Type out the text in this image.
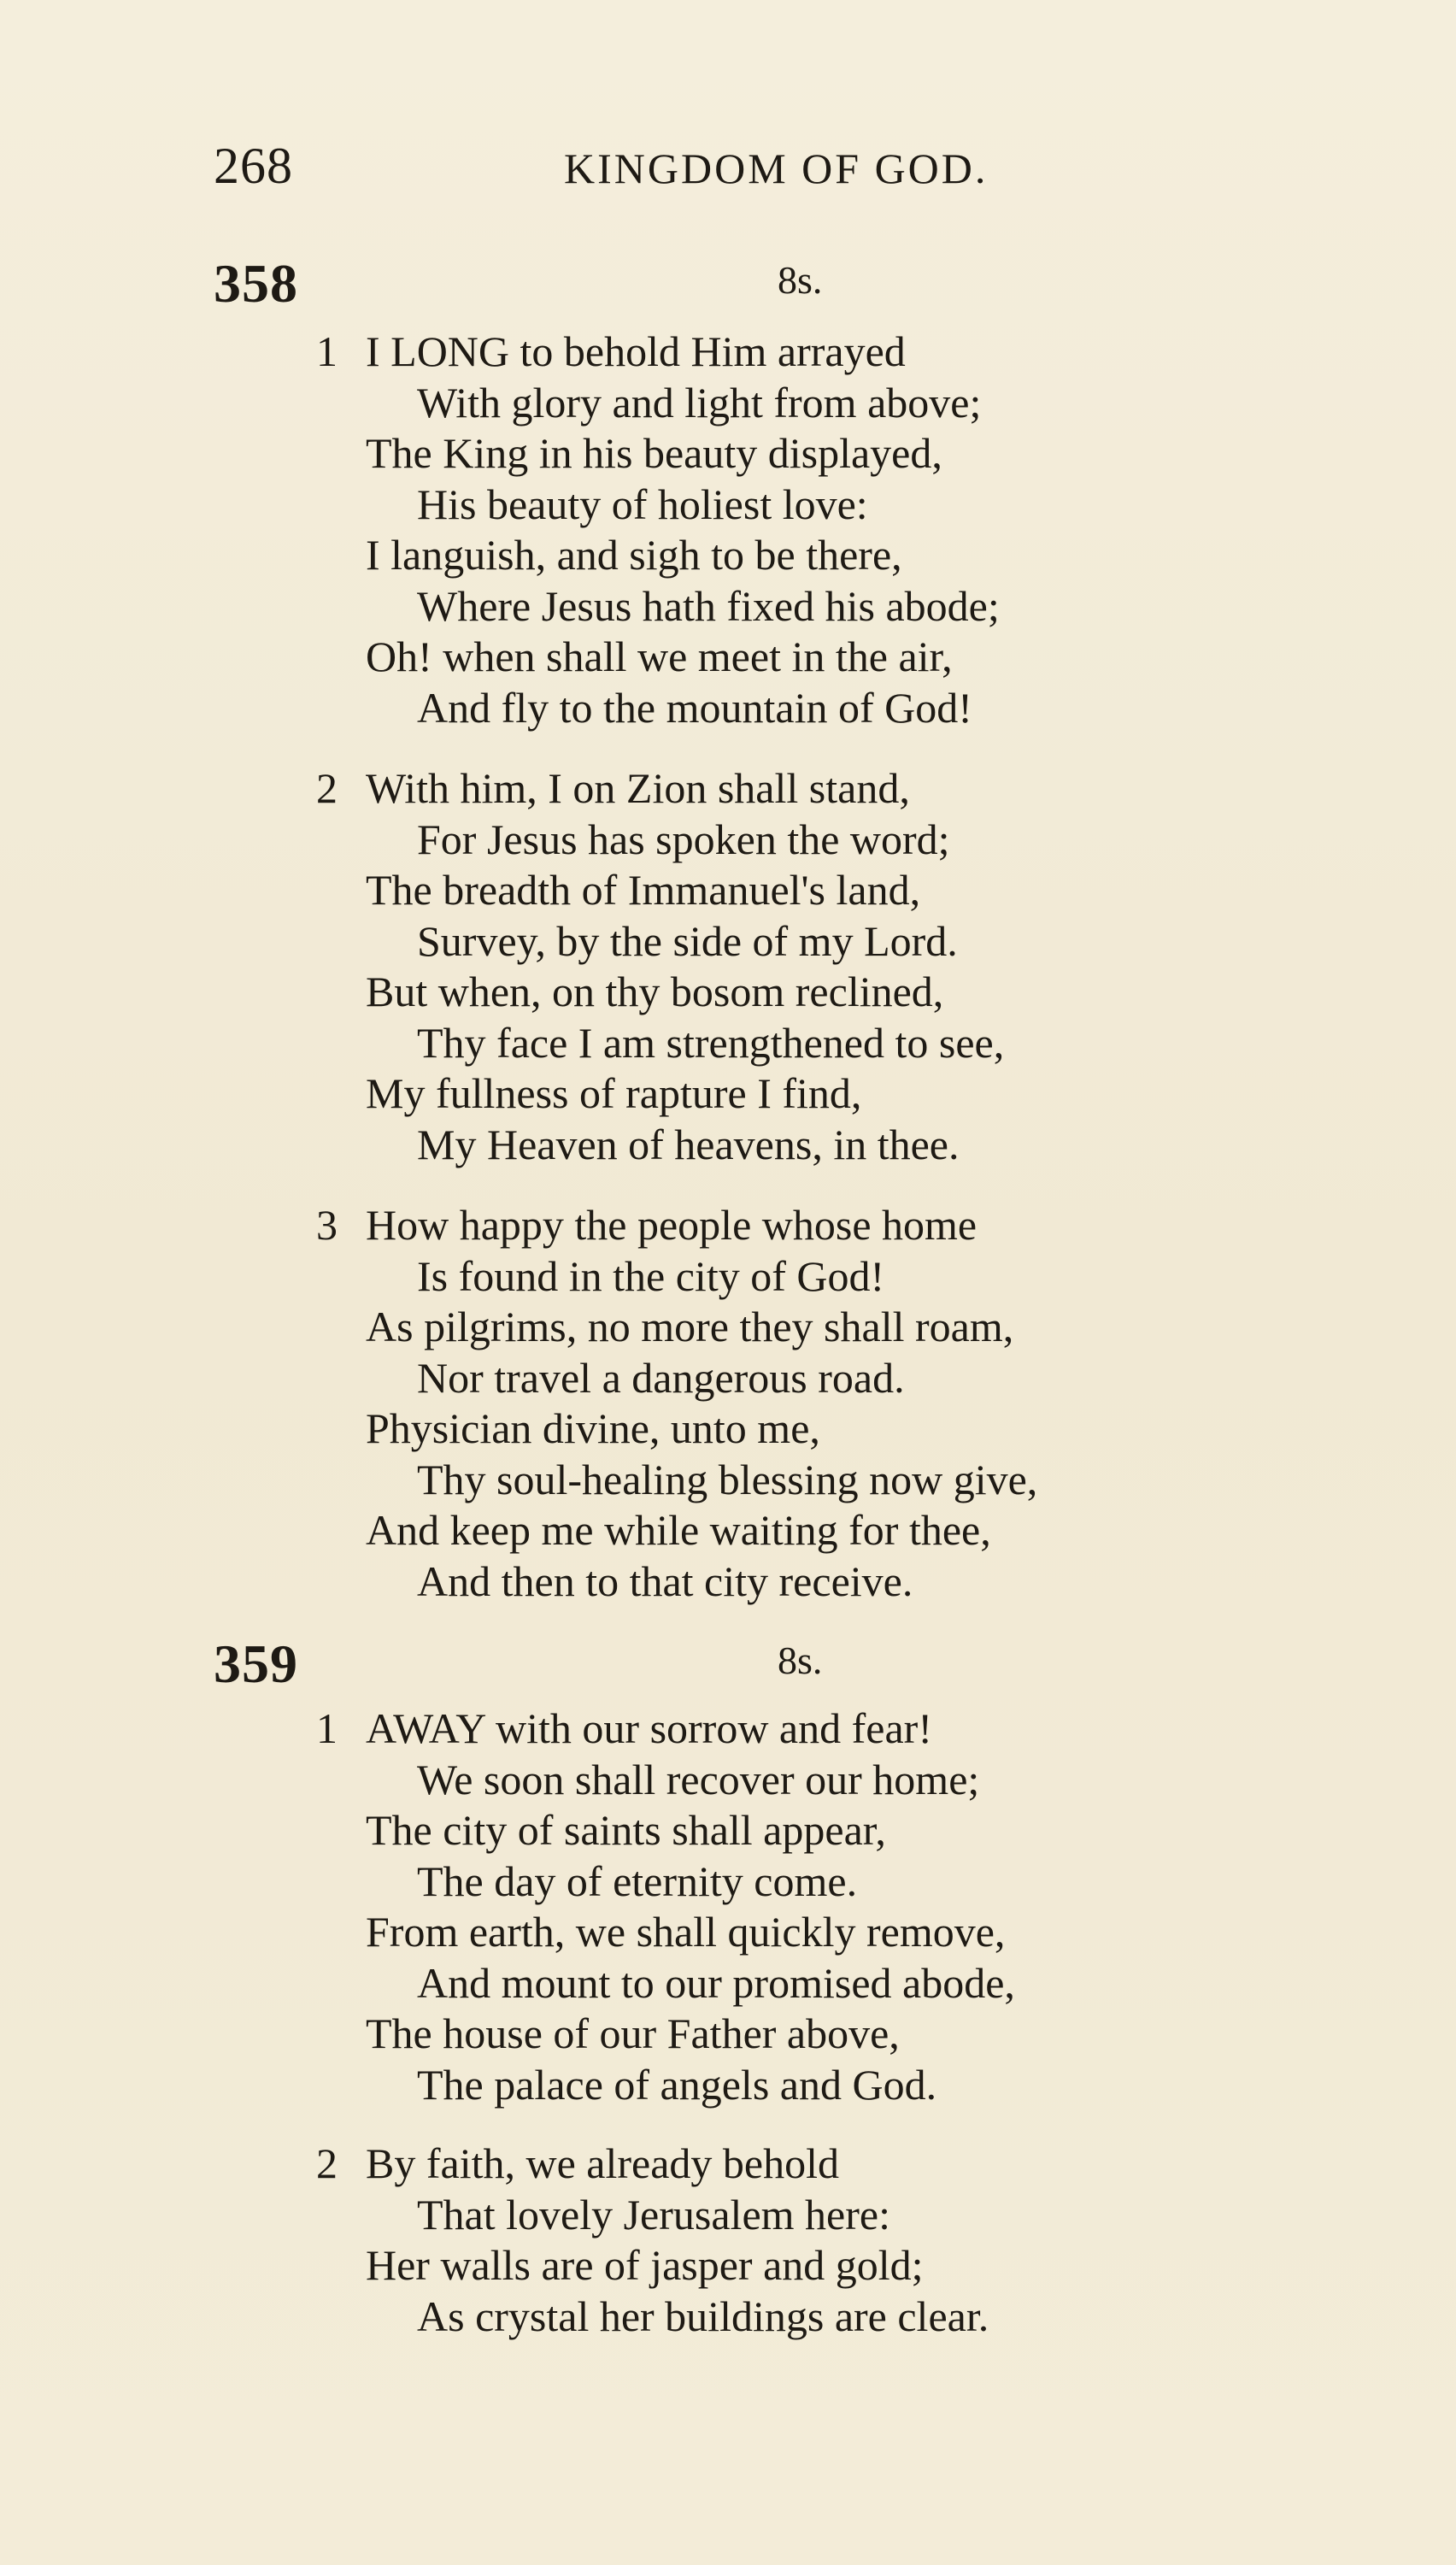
268	KINGDOM OF GOD.
358	8s.
1 I LONG to behold Him arrayed
With glory and light from above;
The King in his beauty displayed,
His beauty of holiest love:
I languish, and sigh to be there,
Where Jesus hath fixed his abode;
Oh! when shall we meet in the air,
And fly to the mountain of God!
2 With him, I on Zion shall stand,
For Jesus has spoken the word;
The breadth of Immanuel's land,
Survey, by the side of my Lord.
But when, on thy bosom reclined,
Thy face I am strengthened to see,
My fullness of rapture I find,
My Heaven of heavens, in thee.
3 How happy the people whose home
Is found in the city of God!
As pilgrims, no more they shall roam,
Nor travel a dangerous road.
Physician divine, unto me,
Thy soul-healing blessing now give,
And keep me while waiting for thee,
And then to that city receive.
359	8s.
1 AWAY with our sorrow and fear!
We soon shall recover our home;
The city of saints shall appear,
The day of eternity come.
From earth, we shall quickly remove,
And mount to our promised abode,
The house of our Father above,
The palace of angels and God.
2 By faith, we already behold
That lovely Jerusalem here:
Her walls are of jasper and gold;
As crystal her buildings are clear.
